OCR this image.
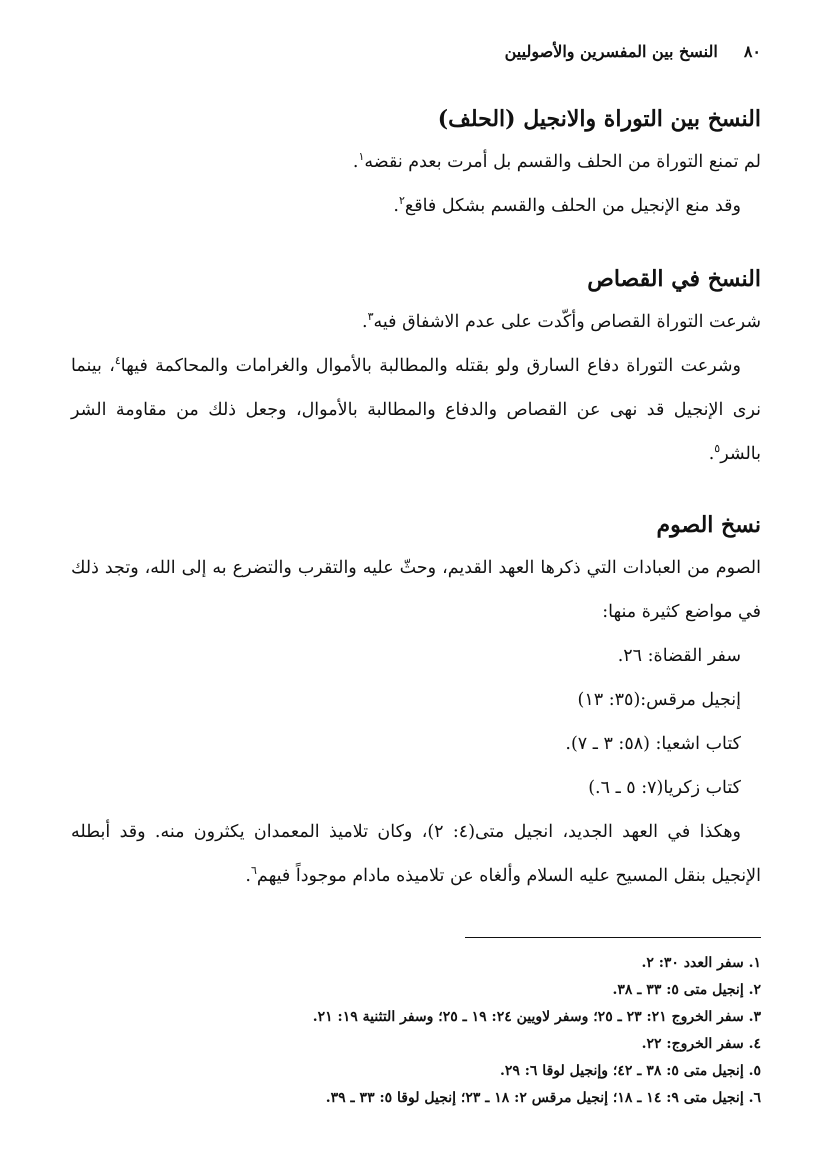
٨٠النسخ بين المفسرين والأصوليين
النسخ بين التوراة والانجيل (الحلف)

لم تمنع التوراة من الحلف والقسم بل أمرت بعدم نقضه$^١$.

وقد منع الإنجيل من الحلف والقسم بشكل فاقع$^٢$.

النسخ في القصاص

شرعت التوراة القصاص وأكّدت على عدم الاشفاق فيه$^٣$.

وشرعت التوراة دفاع السارق ولو بقتله والمطالبة بالأموال والغرامات والمحاكمة فيها$^٤$، بينما نرى الإنجيل قد نهى عن القصاص والدفاع والمطالبة بالأموال، وجعل ذلك من مقاومة الشر بالشر$^٥$.

نسخ الصوم

الصوم من العبادات التي ذكرها العهد القديم، وحثّ عليه والتقرب والتضرع به إلى الله، وتجد ذلك في مواضع كثيرة منها:

سفر القضاة: ٢٦.

إنجيل مرقس:(٣٥: ١٣)

كتاب اشعيا: (٥٨: ٣ ـ ٧).

كتاب زكريا(٧: ٥ ـ ٦.)

وهكذا في العهد الجديد، انجيل متى(٤: ٢)، وكان تلاميذ المعمدان يكثرون منه. وقد أبطله الإنجيل بنقل المسيح عليه السلام وألغاه عن تلاميذه مادام موجوداً فيهم$^٦$.

١. سفر العدد ٣٠: ٢.

٢. إنجيل متى ٥: ٣٣ ـ ٣٨.

٣. سفر الخروج ٢١: ٢٣ ـ ٢٥؛ وسفر لاويين ٢٤: ١٩ ـ ٢٥؛ وسفر التثنية ١٩: ٢١.

٤. سفر الخروج: ٢٢.

٥. إنجيل متى ٥: ٣٨ ـ ٤٢؛ وإنجيل لوقا ٦: ٢٩.

٦. إنجيل متى ٩: ١٤ ـ ١٨؛ إنجيل مرقس ٢: ١٨ ـ ٢٣؛ إنجيل لوقا ٥: ٣٣ ـ ٣٩.
